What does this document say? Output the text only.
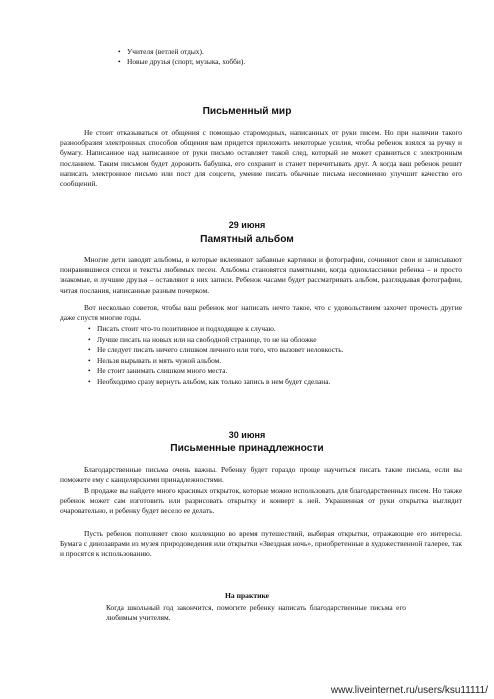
• Учителя (ветлей отдых).
• Новые друзья (спорт, музыка, хобби).
Письменный мир

Не стоит отказываться от общения с помощью старомодных, написанных от руки писем. Но при наличии такого разнообразия электронных способов общения вам придется приложить некоторые усилия, чтобы ребенок взялся за ручку и бумагу. Написанное над написанное от руки письмо оставляет такой след, который не может сравниться с электронным посланием. Таким письмом будет дорожить бабушка, его сохранит и станет перечитывать друг. А когда ваш ребенок решит написать электронное письмо или пост для соцсети, умение писать обычные письма несомненно улучшит качество его сообщений.

29 июня
Памятный альбом

Многие дети заводят альбомы, в которые вклеивают забавные картинки и фотографии, сочиняют свои и записывают понравившиеся стихи и тексты любимых песен. Альбомы становятся памятными, когда одноклассники ребенка – и просто знакомые, и лучшие друзья – оставляют в них записи. Ребенок часами будет рассматривать альбом, разглядывая фотографии, читая послания, написанные разным почерком.

Вот несколько советов, чтобы ваш ребенок мог написать нечто такое, что с удовольствием захочет прочесть другие даже спустя многие годы.

• Писать стоит что-то позитивное и подходящее к случаю.
• Лучше писать на новых или на свободной странице, то не на обложке
• Не следует писать ничего слишком личного или того, что вызовет неловкость.
• Нельзя вырывать и мять чужой альбом.
• Не стоит занимать слишком много места.
• Необходимо сразу вернуть альбом, как только запись в нем будет сделана.
30 июня
Письменные принадлежности

Благодарственные письма очень важны. Ребенку будет гораздо проще научиться писать такие письма, если вы поможете ему с канцелярскими принадлежностями.

В продаже вы найдете много красивых открыток, которые можно использовать для благодарственных писем. Но также ребенок может сам изготовить или разрисовать открытку и конверт к ней. Украшенная от руки открытка выглядит очаровательно, и ребенку будет весело ее делать.

Пусть ребенок пополняет свою коллекцию во время путешествий, выбирая открытки, отражающие его интересы. Бумага с динозаврами из музея природоведения или открытки «Звездная ночь», приобретенные в художественной галерее, так и просятся к использованию.

На практике

Когда школьный год закончится, помогите ребенку написать благодарственные письма его любимым учителям.

www.liveinternet.ru/users/ksu11111/
